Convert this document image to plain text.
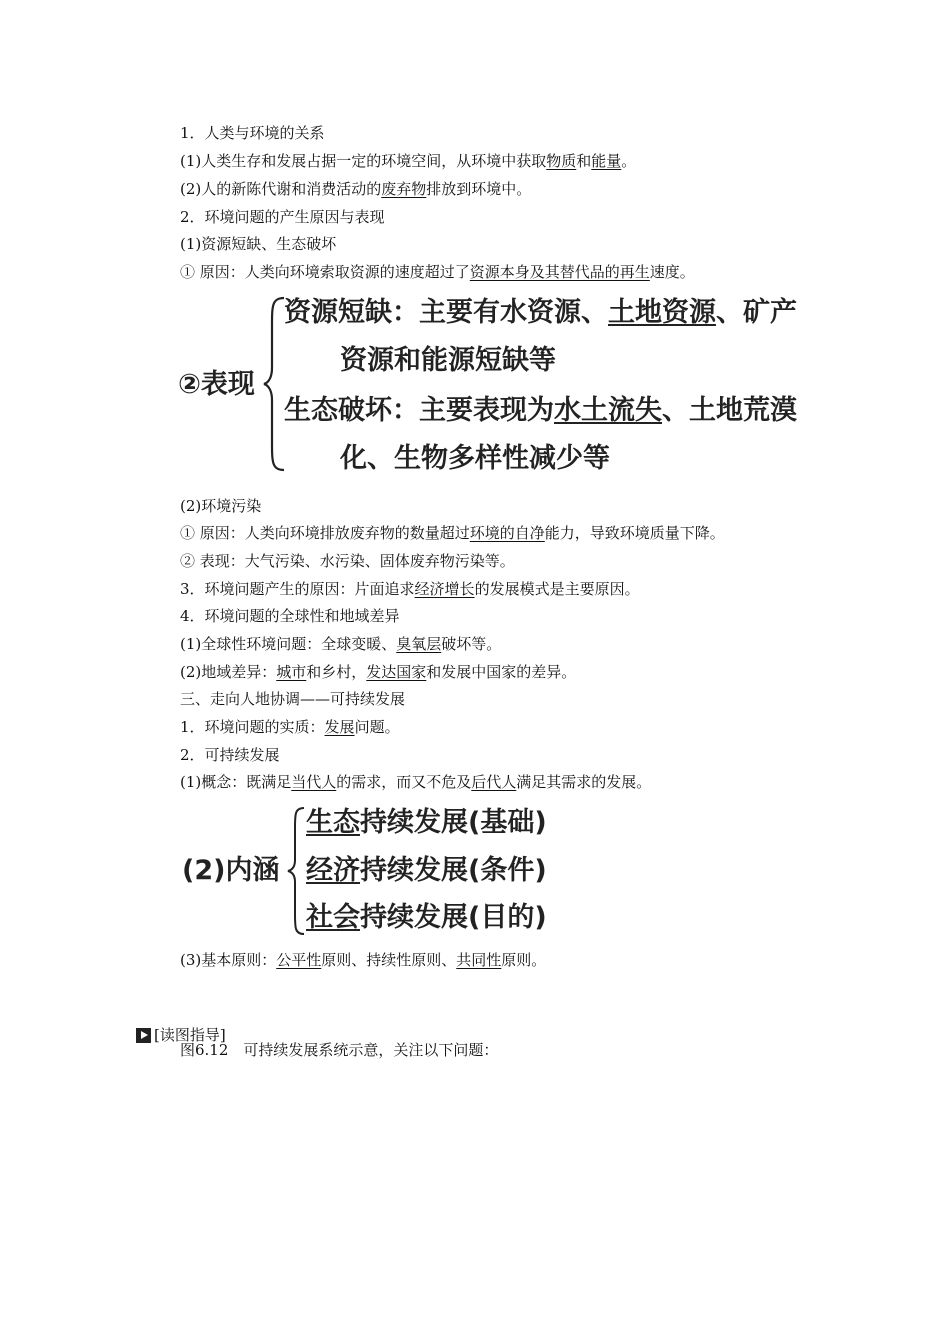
1．人类与环境的关系
(1)人类生存和发展占据一定的环境空间，从环境中获取物质和能量。
(2)人的新陈代谢和消费活动的废弃物排放到环境中。
2．环境问题的产生原因与表现
(1)资源短缺、生态破坏
① 原因：人类向环境索取资源的速度超过了资源本身及其替代品的再生速度。
(2)环境污染
① 原因：人类向环境排放废弃物的数量超过环境的自净能力，导致环境质量下降。
② 表现：大气污染、水污染、固体废弃物污染等。
3．环境问题产生的原因：片面追求经济增长的发展模式是主要原因。
4．环境问题的全球性和地域差异
(1)全球性环境问题：全球变暖、臭氧层破坏等。
(2)地域差异：城市和乡村，发达国家和发展中国家的差异。
三、走向人地协调——可持续发展
1．环境问题的实质：发展问题。
2．可持续发展
(1)概念：既满足当代人的需求，而又不危及后代人满足其需求的发展。
(3)基本原则：公平性原则、持续性原则、共同性原则。
图6.12　可持续发展系统示意，关注以下问题：
②表现
资源短缺：主要有水资源、土地资源、矿产
资源和能源短缺等
生态破坏：主要表现为水土流失、土地荒漠
化、生物多样性减少等
(2)内涵
生态持续发展(基础)
经济持续发展(条件)
社会持续发展(目的)
[读图指导]
